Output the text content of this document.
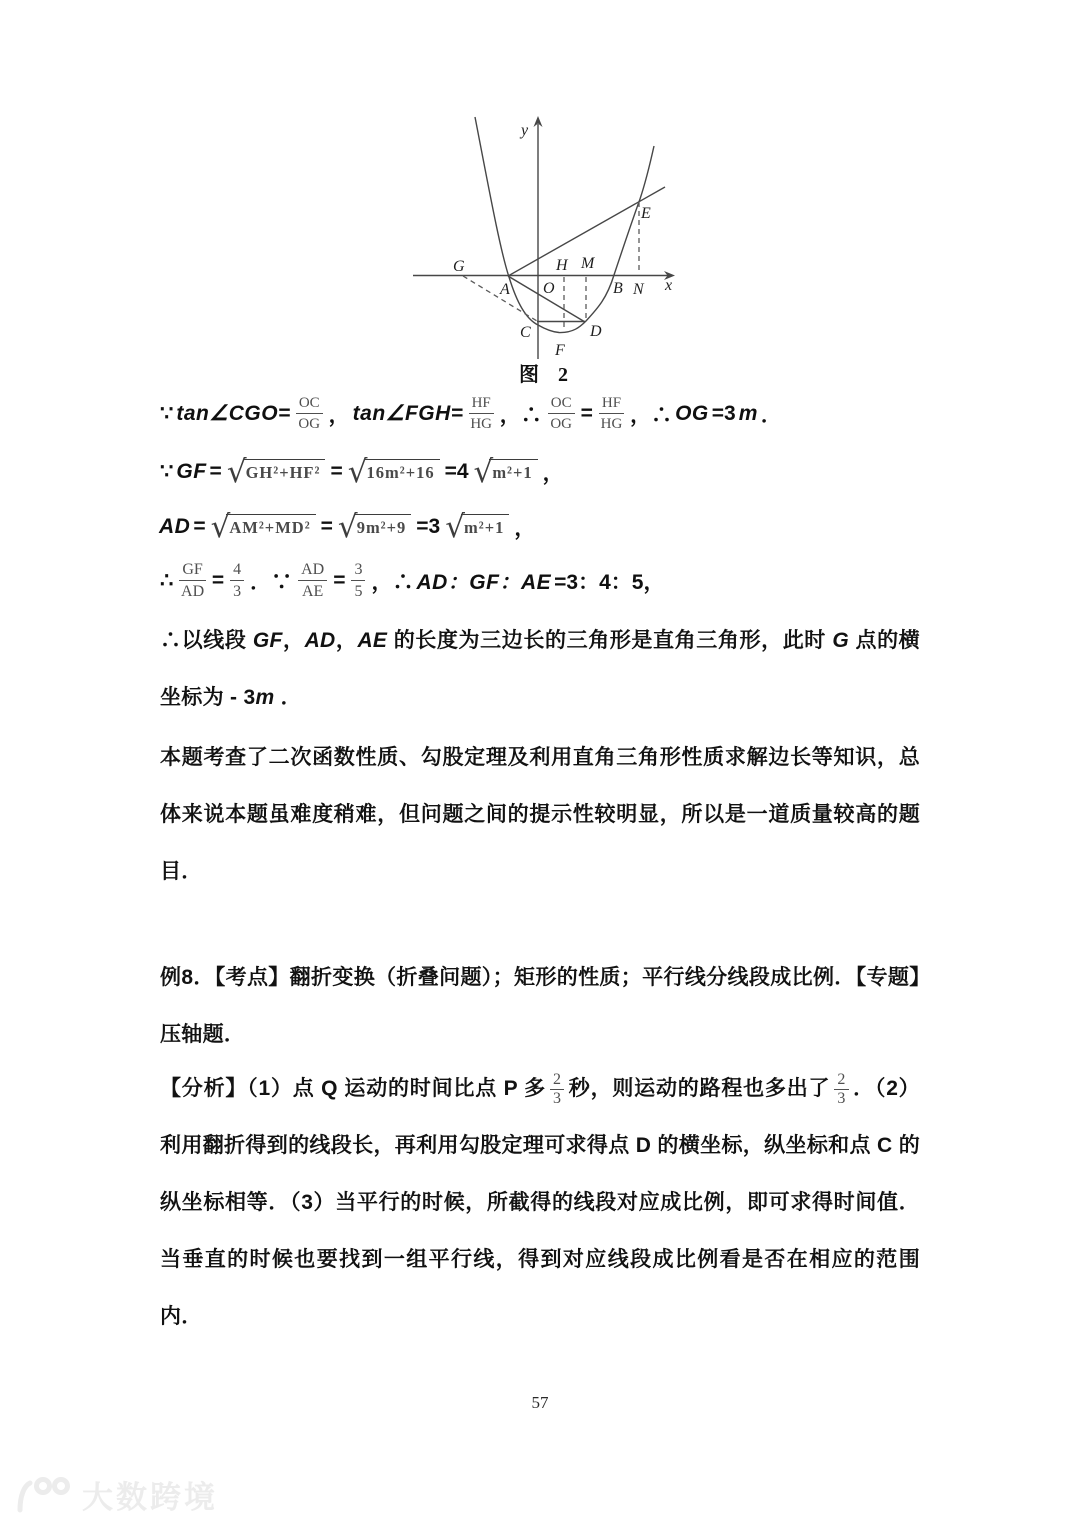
y
x
G
A O
H M
B N
E
C	D
F
图 2
∵ tan∠CGO= $\frac{OC}{OG}$ ， tan∠FGH= $\frac{HF}{HG}$ ，∴ $\frac{OC}{OG} = \frac{HF}{HG}$ ，∴ OG =3 m ．
∵ GF = √ GH²+HF² = √ 16m²+16 =4 √ m²+1 ，
AD = √ AM²+MD² = √ 9m²+9 =3 √ m²+1 ，
∴ $\frac{GF}{AD} = \frac{4}{3}$ ．∵ $\frac{AD}{AE} = \frac{3}{5}$ ，∴ AD：GF：AE =3：4：5，
∴以线段 GF，AD，AE 的长度为三边长的三角形是直角三角形，此时 G 点的横坐标为 - 3m ．
本题考查了二次函数性质、勾股定理及利用直角三角形性质求解边长等知识，总体来说本题虽难度稍难，但问题之间的提示性较明显，所以是一道质量较高的题目．
例8．【考点】翻折变换（折叠问题）；矩形的性质；平行线分线段成比例．【专题】压轴题．
【分析】（1）点 Q 运动的时间比点 P 多 $\frac{2}{3}$ 秒，则运动的路程也多出了 $\frac{2}{3}$ ．（2）利用翻折得到的线段长，再利用勾股定理可求得点 D 的横坐标，纵坐标和点 C 的纵坐标相等．（3）当平行的时候，所截得的线段对应成比例，即可求得时间值．当垂直的时候也要找到一组平行线，得到对应线段成比例看是否在相应的范围内．
57
大数跨境
